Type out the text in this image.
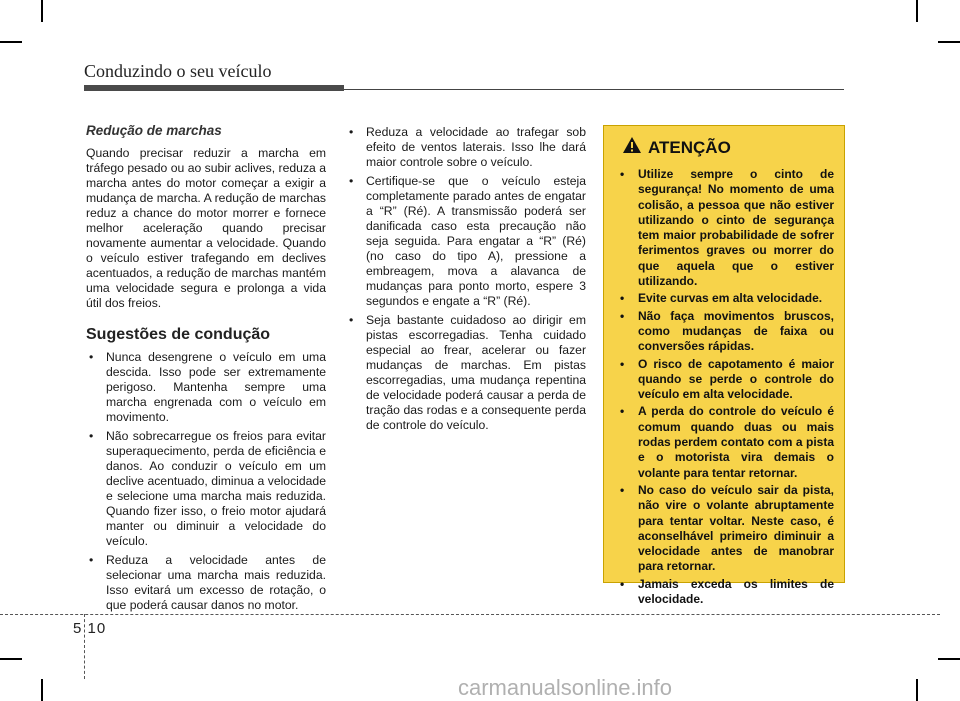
Conduzindo o seu veículo
Redução de marchas

Quando precisar reduzir a marcha em tráfego pesado ou ao subir aclives, reduza a marcha antes do motor começar a exigir a mudança de marcha. A redução de marchas reduz a chance do motor morrer e fornece melhor aceleração quando precisar novamente aumentar a velocidade. Quando o veículo estiver trafegando em declives acentuados, a redução de marchas mantém uma velocidade segura e prolonga a vida útil dos freios.

Sugestões de condução
• Nunca desengrene o veículo em uma descida. Isso pode ser extremamente perigoso. Mantenha sempre uma marcha engrenada com o veículo em movimento.
• Não sobrecarregue os freios para evitar superaquecimento, perda de eficiência e danos. Ao conduzir o veículo em um declive acentuado, diminua a velocidade e selecione uma marcha mais reduzida. Quando fizer isso, o freio motor ajudará manter ou diminuir a velocidade do veículo.
• Reduza a velocidade antes de selecionar uma marcha mais reduzida. Isso evitará um excesso de rotação, o que poderá causar danos no motor.
• Reduza a velocidade ao trafegar sob efeito de ventos laterais. Isso lhe dará maior controle sobre o veículo.
• Certifique-se que o veículo esteja completamente parado antes de engatar a “R” (Ré). A transmissão poderá ser danificada caso esta precaução não seja seguida. Para engatar a “R” (Ré) (no caso do tipo A), pressione a embreagem, mova a alavanca de mudanças para ponto morto, espere 3 segundos e engate a “R” (Ré).
• Seja bastante cuidadoso ao dirigir em pistas escorregadias. Tenha cuidado especial ao frear, acelerar ou fazer mudanças de marchas. Em pistas escorregadias, uma mudança repentina de velocidade poderá causar a perda de tração das rodas e a consequente perda de controle do veículo.
ATENÇÃO
• Utilize sempre o cinto de segurança! No momento de uma colisão, a pessoa que não estiver utilizando o cinto de segurança tem maior probabilidade de sofrer ferimentos graves ou morrer do que aquela que o estiver utilizando.
• Evite curvas em alta velocidade.
• Não faça movimentos bruscos, como mudanças de faixa ou conversões rápidas.
• O risco de capotamento é maior quando se perde o controle do veículo em alta velocidade.
• A perda do controle do veículo é comum quando duas ou mais rodas perdem contato com a pista e o motorista vira demais o volante para tentar retornar.
• No caso do veículo sair da pista, não vire o volante abruptamente para tentar voltar. Neste caso, é aconselhável primeiro diminuir a velocidade antes de manobrar para retornar.
• Jamais exceda os limites de velocidade.
5 10
carmanualsonline.info
